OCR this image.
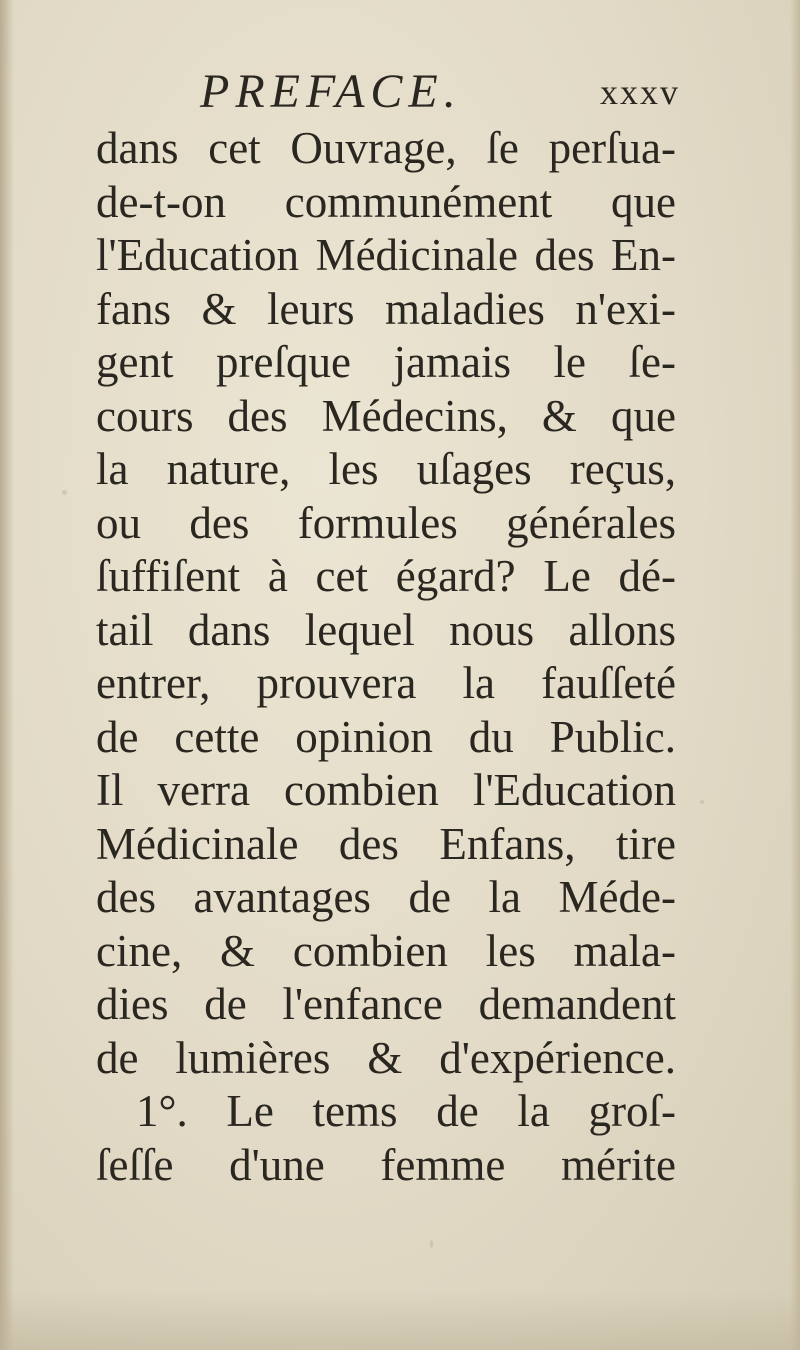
PREFACE.	xxxv
dans cet Ouvrage, ſe perſua-
de-t-on communément que
l'Education Médicinale des En-
fans & leurs maladies n'exi-
gent preſque jamais le ſe-
cours des Médecins, & que
la nature, les uſages reçus,
ou des formules générales
ſuffiſent à cet égard? Le dé-
tail dans lequel nous allons
entrer, prouvera la fauſſeté
de cette opinion du Public.
Il verra combien l'Education
Médicinale des Enfans, tire
des avantages de la Méde-
cine, & combien les mala-
dies de l'enfance demandent
de lumières & d'expérience.
1°. Le tems de la groſ-
ſeſſe d'une femme mérite
